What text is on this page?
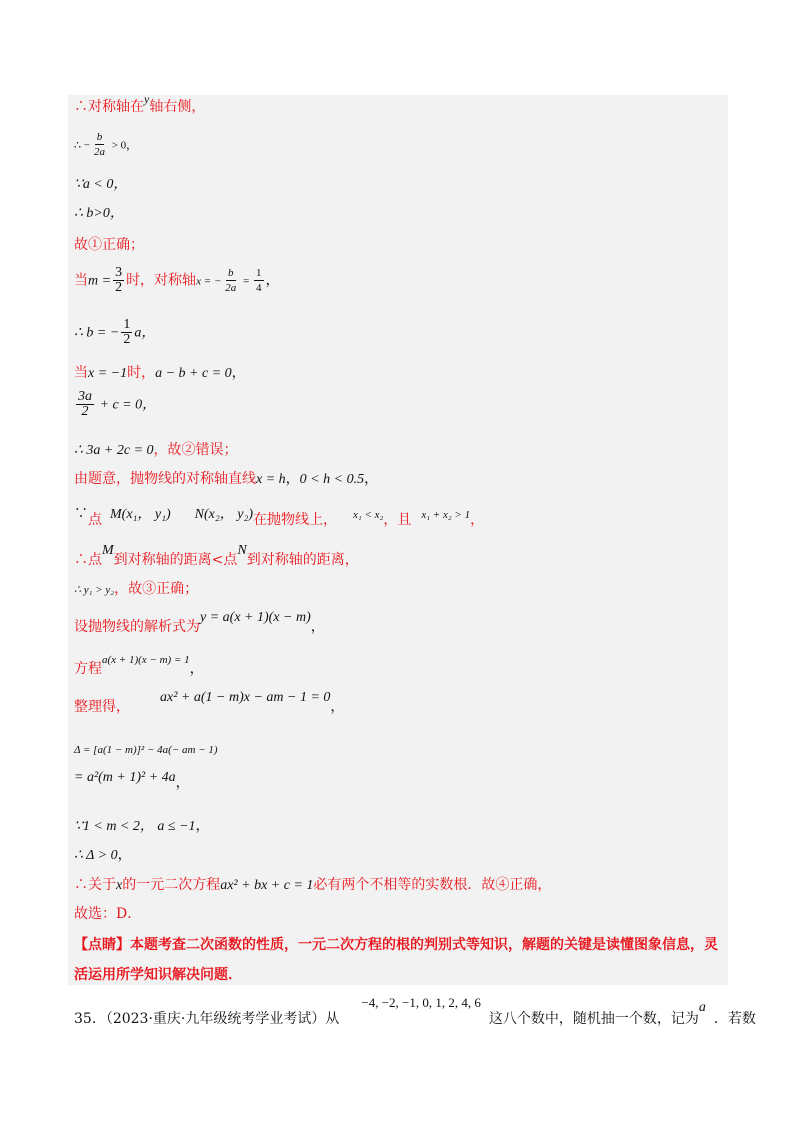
∴对称轴在y轴右侧，
∴ − $\frac{b}{2a} > 0$，
∵a < 0，
∴ b>0，
故①正确；
当$m = \frac{3}{2}$ 时，对称轴x = − $\frac{b}{2a} = \frac{1}{4}$ ，
∴ b = − $\frac{1}{2}$ a，
当x = −1时，a − b + c = 0，
$\frac{3a}{2} + c = 0$，
∴ 3a + 2c = 0，故②错误；
由题意，抛物线的对称轴直线x = h，0 < h < 0.5，
∵点 M(x₁， y₁) N(x₂， y₂)在抛物线上， x₁ < x₂，且 x₁ + x₂ > 1，
∴点M到对称轴的距离<点N到对称轴的距离，
∴ y₁ > y₂，故③正确；
设抛物线的解析式为y = a(x + 1)(x − m)，
方程$^{a(x + 1)(x - m) = 1}$，
整理得，ax² + a(1 − m)x − am − 1 = 0，
Δ = [a(1 − m)]² − 4a(− am − 1)
= a²(m + 1)² + 4a，
∵1 < m < 2， a ≤ −1，
∴ Δ > 0，
∴关于x的一元二次方程ax² + bx + c = 1必有两个不相等的实数根．故④正确，
故选：D．
【点睛】本题考查二次函数的性质，一元二次方程的根的判别式等知识，解题的关键是读懂图象信息，灵
活运用所学知识解决问题．
35．（2023·重庆·九年级统考学业考试）从−4, −2, −1, 0, 1, 2, 4, 6这八个数中，随机抽一个数，记为a．若数
